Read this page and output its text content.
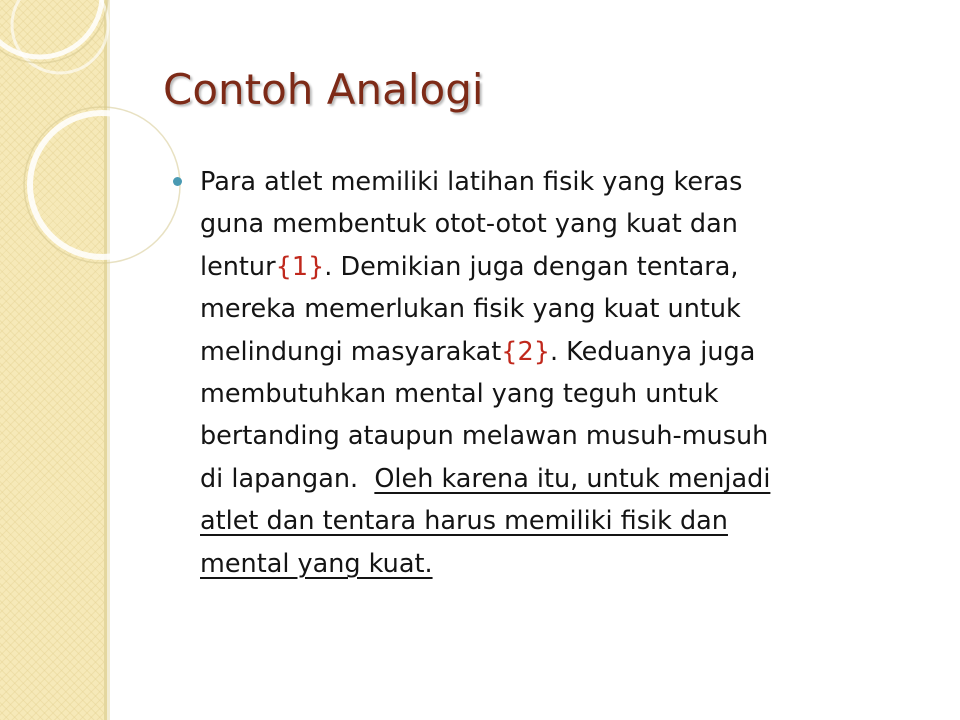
Contoh Analogi

Para atlet memiliki latihan fisik yang keras
guna membentuk otot-otot yang kuat dan
lentur{1}. Demikian juga dengan tentara,
mereka memerlukan fisik yang kuat untuk
melindungi masyarakat{2}. Keduanya juga
membutuhkan mental yang teguh untuk
bertanding ataupun melawan musuh-musuh
di lapangan.  Oleh karena itu, untuk menjadi
atlet dan tentara harus memiliki fisik dan
mental yang kuat.
